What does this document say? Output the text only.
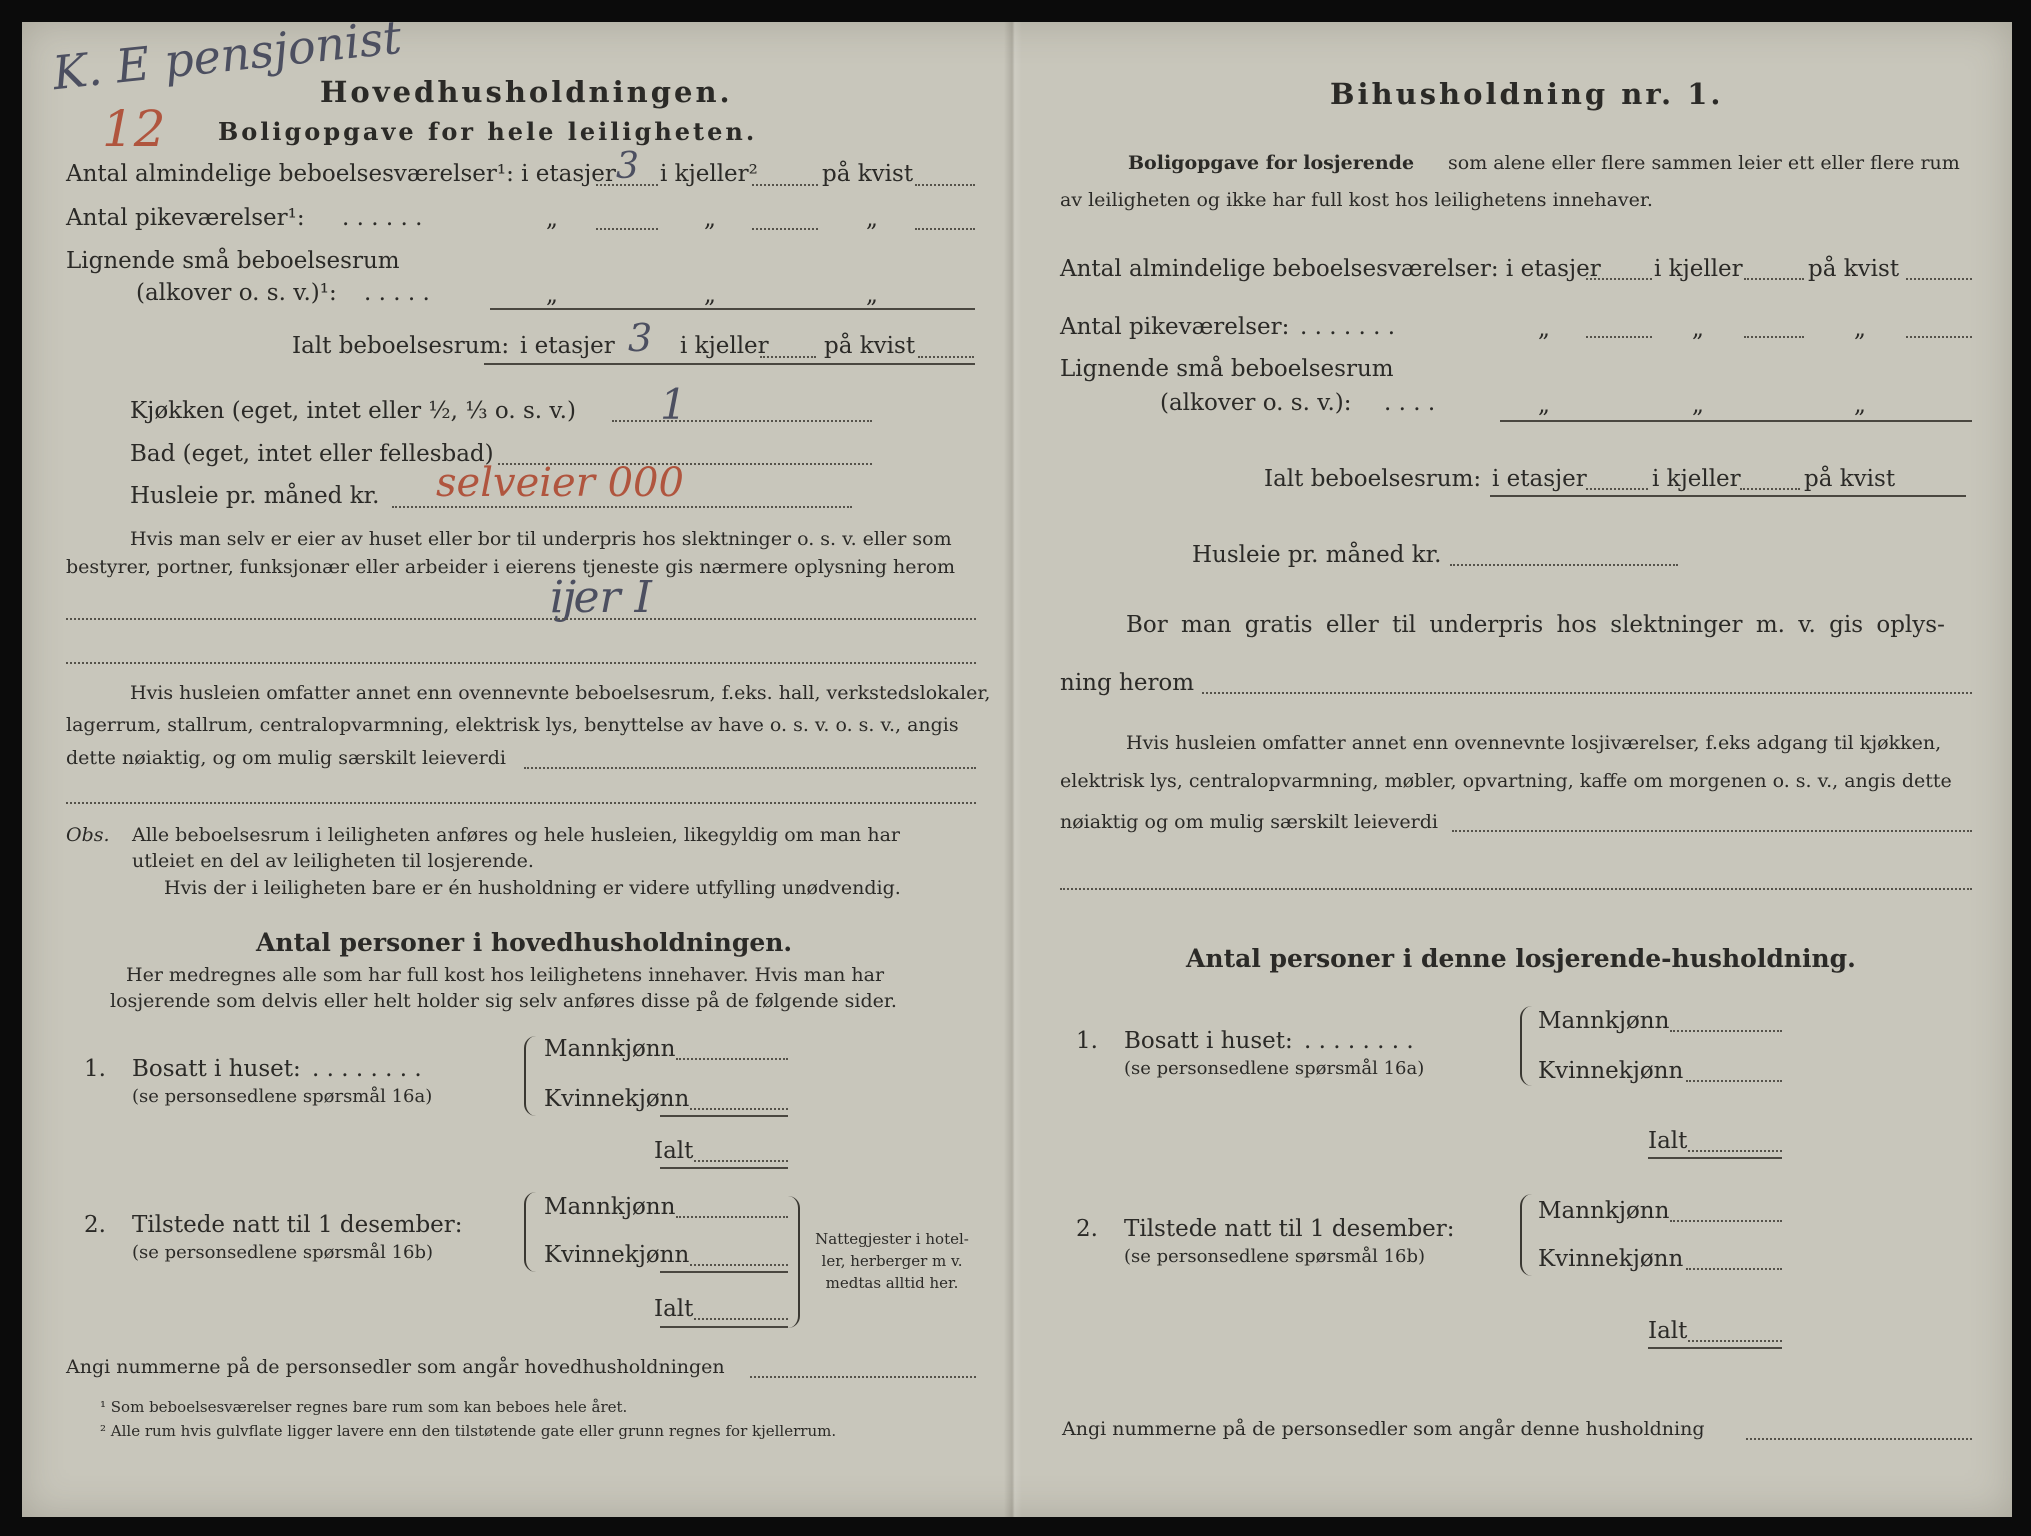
K. E pensjonist
12
Hovedhusholdningen.
Boligopgave for hele leiligheten.
Antal almindelige beboelsesværelser¹: i etasjer 3 i kjeller²	på kvist
Antal pikeværelser¹: . . . . . .	„	„	„
Lignende små beboelsesrum
(alkover o. s. v.)¹: . . . . .	„	„	„
Ialt beboelsesrum: i etasjer 3 i kjeller på kvist
Kjøkken (eget, intet eller ½, ⅓ o. s. v.) 1
Bad (eget, intet eller fellesbad)
Husleie pr. måned kr. selveier 000
Hvis man selv er eier av huset eller bor til underpris hos slektninger o. s. v. eller som
bestyrer, portner, funksjonær eller arbeider i eierens tjeneste gis nærmere oplysning herom
ĳer I
Hvis husleien omfatter annet enn ovennevnte beboelsesrum, f.eks. hall, verkstedslokaler,
lagerrum, stallrum, centralopvarmning, elektrisk lys, benyttelse av have o. s. v. o. s. v., angis
dette nøiaktig, og om mulig særskilt leieverdi
Obs. Alle beboelsesrum i leiligheten anføres og hele husleien, likegyldig om man har
utleiet en del av leiligheten til losjerende.
Hvis der i leiligheten bare er én husholdning er videre utfylling unødvendig.
Antal personer i hovedhusholdningen.
Her medregnes alle som har full kost hos leilighetens innehaver. Hvis man har
losjerende som delvis eller helt holder sig selv anføres disse på de følgende sider.
1. Bosatt i huset: . . . . . . . .
(se personsedlene spørsmål 16a)
Mannkjønn
Kvinnekjønn
Ialt
2. Tilstede natt til 1 desember:
(se personsedlene spørsmål 16b)
Mannkjønn
Kvinnekjønn
Ialt
Nattegjester i hotel-
ler, herberger m v.
medtas alltid her.
Angi nummerne på de personsedler som angår hovedhusholdningen
¹ Som beboelsesværelser regnes bare rum som kan beboes hele året.
² Alle rum hvis gulvflate ligger lavere enn den tilstøtende gate eller grunn regnes for kjellerrum.
Bihusholdning nr. 1.
Boligopgave for losjerende som alene eller flere sammen leier ett eller flere rum
av leiligheten og ikke har full kost hos leilighetens innehaver.
Antal almindelige beboelsesværelser: i etasjer i kjeller	på kvist
Antal pikeværelser: . . . . . . .	„	„	„
Lignende små beboelsesrum
(alkover o. s. v.): . . . .	„	„	„
Ialt beboelsesrum: i etasjer	i kjeller	på kvist
Husleie pr. måned kr.
Bor man gratis eller til underpris hos slektninger m. v. gis oplys-
ning herom
Hvis husleien omfatter annet enn ovennevnte losjiværelser, f.eks adgang til kjøkken,
elektrisk lys, centralopvarmning, møbler, opvartning, kaffe om morgenen o. s. v., angis dette
nøiaktig og om mulig særskilt leieverdi
Antal personer i denne losjerende-husholdning.
1. Bosatt i huset: . . . . . . . .
(se personsedlene spørsmål 16a)
Mannkjønn
Kvinnekjønn
Ialt
2. Tilstede natt til 1 desember:
(se personsedlene spørsmål 16b)
Mannkjønn
Kvinnekjønn
Ialt
Angi nummerne på de personsedler som angår denne husholdning
